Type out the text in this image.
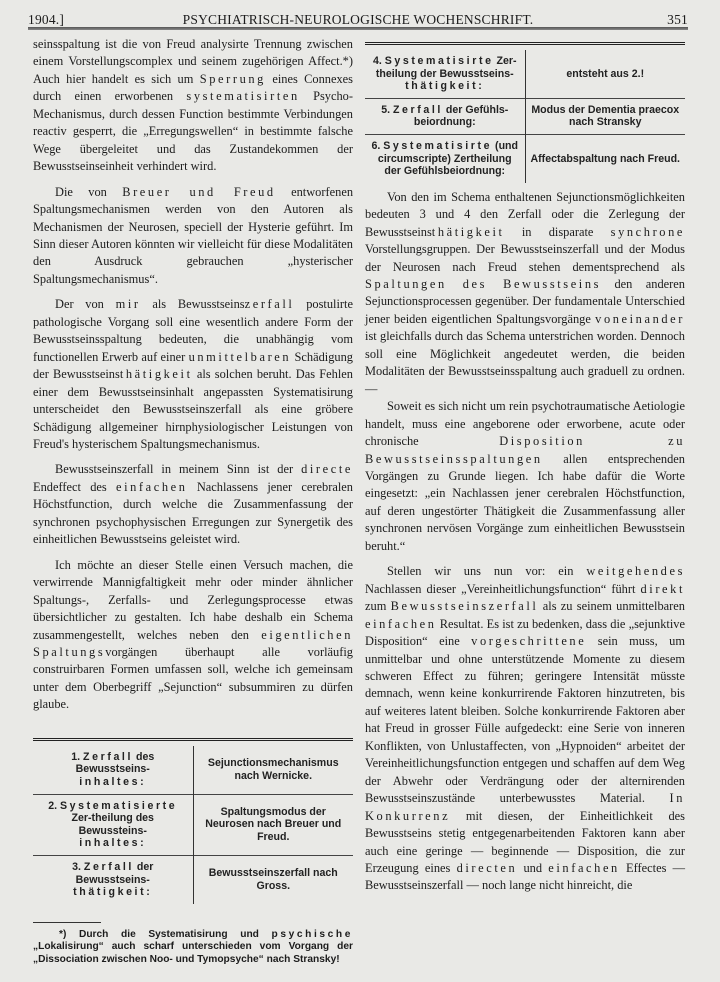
1904.]	PSYCHIATRISCH-NEUROLOGISCHE WOCHENSCHRIFT.	351

seinsspaltung ist die von Freud analysirte Trennung zwischen einem Vorstellungscomplex und seinem zugehörigen Affect.*) Auch hier handelt es sich um Sperrung eines Connexes durch einen erworbenen systematisirten Psycho-Mechanismus, durch dessen Function bestimmte Verbindungen reactiv gesperrt, die „Erregungswellen“ in bestimmte falsche Wege übergeleitet und das Zustandekommen der Bewusstseinseinheit verhindert wird.

Die von Breuer und Freud entworfenen Spaltungsmechanismen werden von den Autoren als Mechanismen der Neurosen, speciell der Hysterie geführt. Im Sinn dieser Autoren könnten wir vielleicht für diese Modalitäten den Ausdruck gebrauchen „hysterischer Spaltungsmechanismus“.

Der von mir als Bewusstseinszerfall postulirte pathologische Vorgang soll eine wesentlich andere Form der Bewusstseinsspaltung bedeuten, die unabhängig vom functionellen Erwerb auf einer unmittelbaren Schädigung der Bewusstseinsthätigkeit als solchen beruht. Das Fehlen einer dem Bewusstseinsinhalt angepassten Systematisirung unterscheidet den Bewusstseinszerfall als eine gröbere Schädigung allgemeiner hirnphysiologischer Leistungen von Freud's hysterischem Spaltungsmechanismus.

Bewusstseinszerfall in meinem Sinn ist der directe Endeffect des einfachen Nachlassens jener cerebralen Höchstfunction, durch welche die Zusammenfassung der synchronen psychophysischen Erregungen zur Synergetik des einheitlichen Bewusstseins geleistet wird.

Ich möchte an dieser Stelle einen Versuch machen, die verwirrende Mannigfaltigkeit mehr oder minder ähnlicher Spaltungs-, Zerfalls- und Zerlegungsprocesse etwas übersichtlicher zu gestalten. Ich habe deshalb ein Schema zusammengestellt, welches neben den eigentlichen Spaltungsvorgängen überhaupt alle vorläufig construirbaren Formen umfassen soll, welche ich gemeinsam unter dem Oberbegriff „Sejunction“ subsummiren zu dürfen glaube.

1. Zerfall des Bewusstseins-
inhaltes:	Sejunctionsmechanismus nach Wernicke.
2. Systematisierte Zer-theilung des Bewussteins-
inhaltes:	Spaltungsmodus der Neurosen nach Breuer und Freud.
3. Zerfall der Bewusstseins-
thätigkeit:	Bewusstseinszerfall nach Gross.

*) Durch die Systematisirung und psychische „Lokalisirung“ auch scharf unterschieden vom Vorgang der „Dissociation zwischen Noo- und Tymopsyche“ nach Stransky!

4. Systematisirte Zer-theilung der Bewusstseins-
thätigkeit:	entsteht aus 2.!
5. Zerfall der Gefühls-beiordnung:	Modus der Dementia praecox nach Stransky
6. Systematisirte (und circumscripte) Zertheilung der Gefühlsbeiordnung:	Affectabspaltung nach Freud.

Von den im Schema enthaltenen Sejunctionsmöglichkeiten bedeuten 3 und 4 den Zerfall oder die Zerlegung der Bewusstseinsthätigkeit in disparate synchrone Vorstellungsgruppen. Der Bewusstseinszerfall und der Modus der Neurosen nach Freud stehen dementsprechend als Spaltungen des Bewusstseins den anderen Sejunctionsprocessen gegenüber. Der fundamentale Unterschied jener beiden eigentlichen Spaltungsvorgänge voneinander ist gleichfalls durch das Schema unterstrichen worden. Dennoch soll eine Möglichkeit angedeutet werden, die beiden Modalitäten der Bewusstseinsspaltung auch graduell zu ordnen. —

Soweit es sich nicht um rein psychotraumatische Aetiologie handelt, muss eine angeborene oder erworbene, acute oder chronische Disposition zu Bewusstseinsspaltungen allen entsprechenden Vorgängen zu Grunde liegen. Ich habe dafür die Worte eingesetzt: „ein Nachlassen jener cerebralen Höchstfunction, auf deren ungestörter Thätigkeit die Zusammenfassung aller synchronen nervösen Vorgänge zum einheitlichen Bewusstsein beruht.“

Stellen wir uns nun vor: ein weitgehendes Nachlassen dieser „Vereinheitlichungsfunction“ führt direkt zum Bewusstseinszerfall als zu seinem unmittelbaren einfachen Resultat. Es ist zu bedenken, dass die „sejunktive Disposition“ eine vorgeschrittene sein muss, um unmittelbar und ohne unterstützende Momente zu diesem schweren Effect zu führen; geringere Intensität müsste demnach, wenn keine konkurrirende Faktoren hinzutreten, bis auf weiteres latent bleiben. Solche konkurrirende Faktoren aber hat Freud in grosser Fülle aufgedeckt: eine Serie von inneren Konflikten, von Unlustaffecten, von „Hypnoiden“ arbeitet der Vereinheitlichungsfunction entgegen und schaffen auf dem Weg der Abwehr oder Verdrängung oder der alternirenden Bewusstseinszustände unterbewusstes Material. In Konkurrenz mit diesen, der Einheitlichkeit des Bewusstseins stetig entgegenarbeitenden Faktoren kann aber auch eine geringe — beginnende — Disposition, die zur Erzeugung eines directen und einfachen Effectes — Bewusstseinszerfall — noch lange nicht hinreicht, die
